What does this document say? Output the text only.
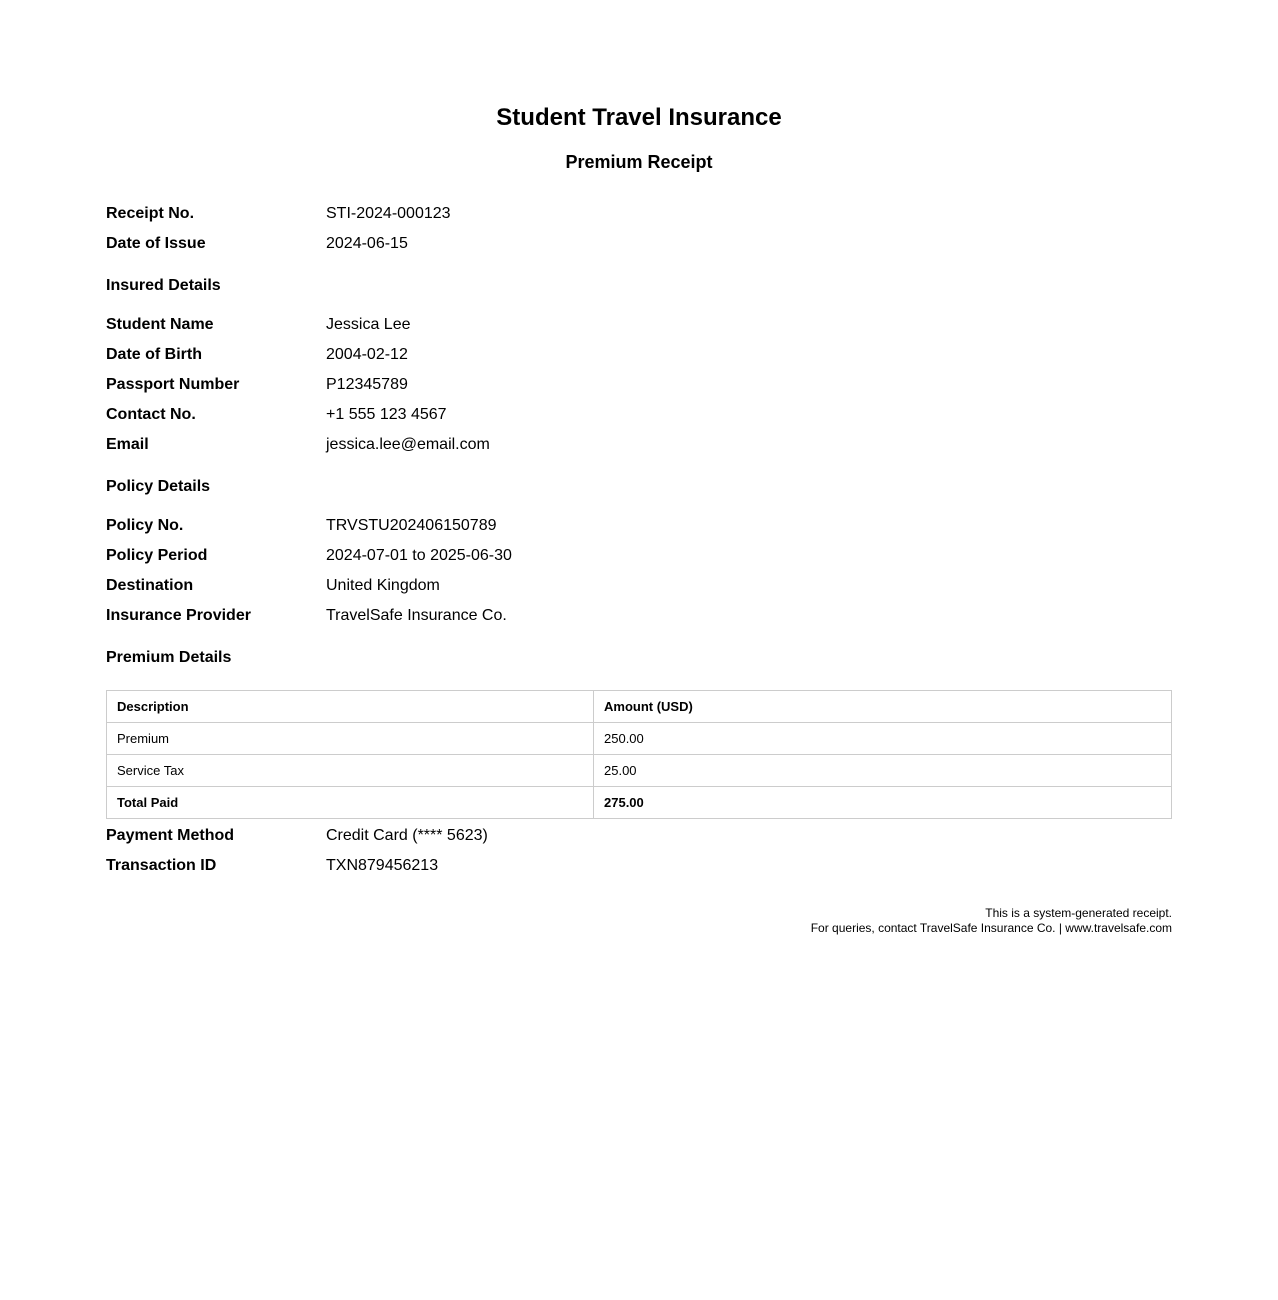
Student Travel Insurance
Premium Receipt
Receipt No.	STI-2024-000123
Date of Issue	2024-06-15
Insured Details
Student Name	Jessica Lee
Date of Birth	2004-02-12
Passport Number	P12345789
Contact No.	+1 555 123 4567
Email	jessica.lee@email.com
Policy Details
Policy No.	TRVSTU202406150789
Policy Period	2024-07-01 to 2025-06-30
Destination	United Kingdom
Insurance Provider	TravelSafe Insurance Co.
Premium Details
Description	Amount (USD)
Premium	250.00
Service Tax	25.00
Total Paid	275.00
Payment Method	Credit Card (**** 5623)
Transaction ID	TXN879456213
This is a system-generated receipt.
For queries, contact TravelSafe Insurance Co. | www.travelsafe.com
